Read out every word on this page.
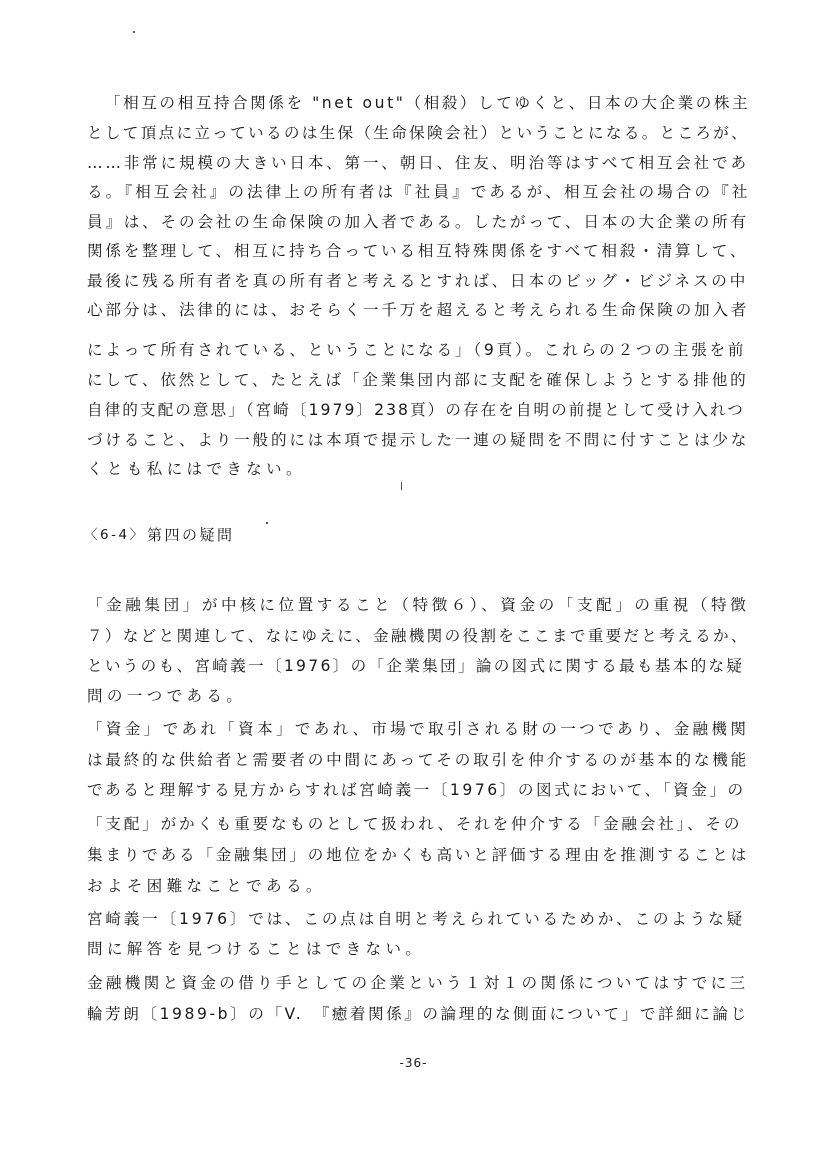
「相互の相互持合関係を "net out"（相殺）してゆくと、日本の大企業の株主
として頂点に立っているのは生保（生命保険会社）ということになる。ところが、
……非常に規模の大きい日本、第一、朝日、住友、明治等はすべて相互会社であ
る。『相互会社』の法律上の所有者は『社員』であるが、相互会社の場合の『社
員』は、その会社の生命保険の加入者である。したがって、日本の大企業の所有
関係を整理して、相互に持ち合っている相互特殊関係をすべて相殺・清算して、
最後に残る所有者を真の所有者と考えるとすれば、日本のビッグ・ビジネスの中
心部分は、法律的には、おそらく一千万を超えると考えられる生命保険の加入者
によって所有されている、ということになる」（9頁）。これらの２つの主張を前
にして、依然として、たとえば「企業集団内部に支配を確保しようとする排他的
自律的支配の意思」（宮崎〔1979〕238頁）の存在を自明の前提として受け入れつ
づけること、より一般的には本項で提示した一連の疑問を不問に付すことは少な
くとも私にはできない。
〈6-4〉 第四の疑問
「金融集団」が中核に位置すること（特徴６）、資金の「支配」の重視（特徴
７）などと関連して、なにゆえに、金融機関の役割をここまで重要だと考えるか、
というのも、宮崎義一〔1976〕の「企業集団」論の図式に関する最も基本的な疑
問の一つである。
「資金」であれ「資本」であれ、市場で取引される財の一つであり、金融機関
は最終的な供給者と需要者の中間にあってその取引を仲介するのが基本的な機能
であると理解する見方からすれば宮崎義一〔1976〕の図式において、「資金」の
「支配」がかくも重要なものとして扱われ、それを仲介する「金融会社」、その
集まりである「金融集団」の地位をかくも高いと評価する理由を推測することは
およそ困難なことである。
宮崎義一〔1976〕では、この点は自明と考えられているためか、このような疑
問に解答を見つけることはできない。
金融機関と資金の借り手としての企業という１対１の関係についてはすでに三
輪芳朗〔1989-b〕の「V.　『癒着関係』の論理的な側面について」で詳細に論じ
-36-
